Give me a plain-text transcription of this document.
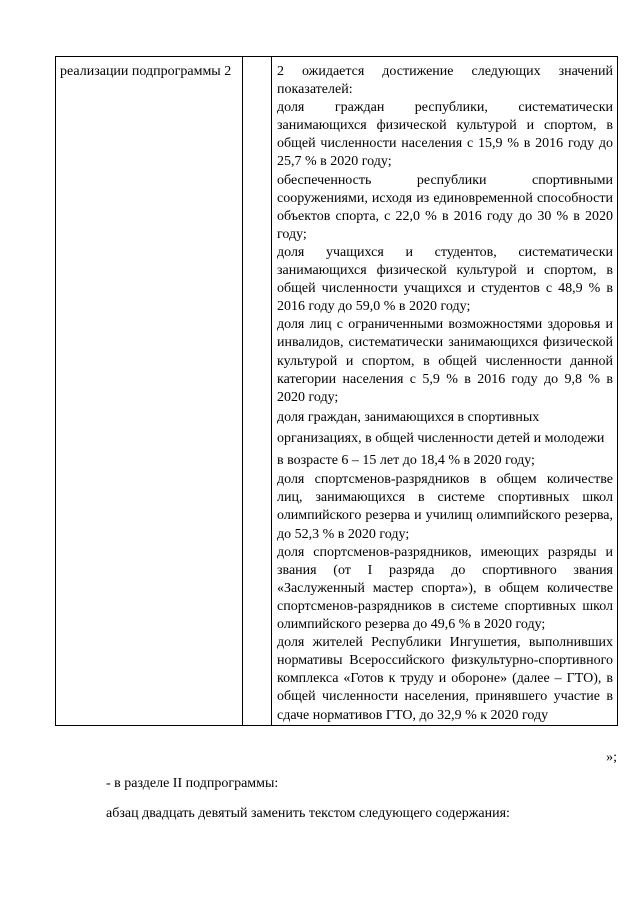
реализации подпрограммы 2		2 ожидается достижение следующих значений показателей:

доля граждан республики, систематически занимающихся физической культурой и спортом, в общей численности населения с 15,9 % в 2016 году до 25,7 % в 2020 году;

обеспеченность республики спортивными сооружениями, исходя из единовременной способности объектов спорта, с 22,0 % в 2016 году до 30 % в 2020 году;

доля учащихся и студентов, систематически занимающихся физической культурой и спортом, в общей численности учащихся и студентов с 48,9 % в 2016 году до 59,0 % в 2020 году;

доля лиц с ограниченными возможностями здоровья и инвалидов, систематически занимающихся физической культурой и спортом, в общей численности данной категории населения с 5,9 % в 2016 году до 9,8 % в 2020 году;

доля граждан, занимающихся в спортивных организациях, в общей численности детей и молодежи в возрасте 6 – 15 лет до 18,4 % в 2020 году;

доля спортсменов-разрядников в общем количестве лиц, занимающихся в системе спортивных школ олимпийского резерва и училищ олимпийского резерва, до 52,3 % в 2020 году;

доля спортсменов-разрядников, имеющих разряды и звания (от I разряда до спортивного звания «Заслуженный мастер спорта»), в общем количестве спортсменов-разрядников в системе спортивных школ олимпийского резерва до 49,6 % в 2020 году;

доля жителей Республики Ингушетия, выполнивших нормативы Всероссийского физкультурно-спортивного комплекса «Готов к труду и обороне» (далее – ГТО), в общей численности населения, принявшего участие в сдаче нормативов ГТО, до 32,9 % к 2020 году

»;
- в разделе II подпрограммы:
абзац двадцать девятый заменить текстом следующего содержания:
